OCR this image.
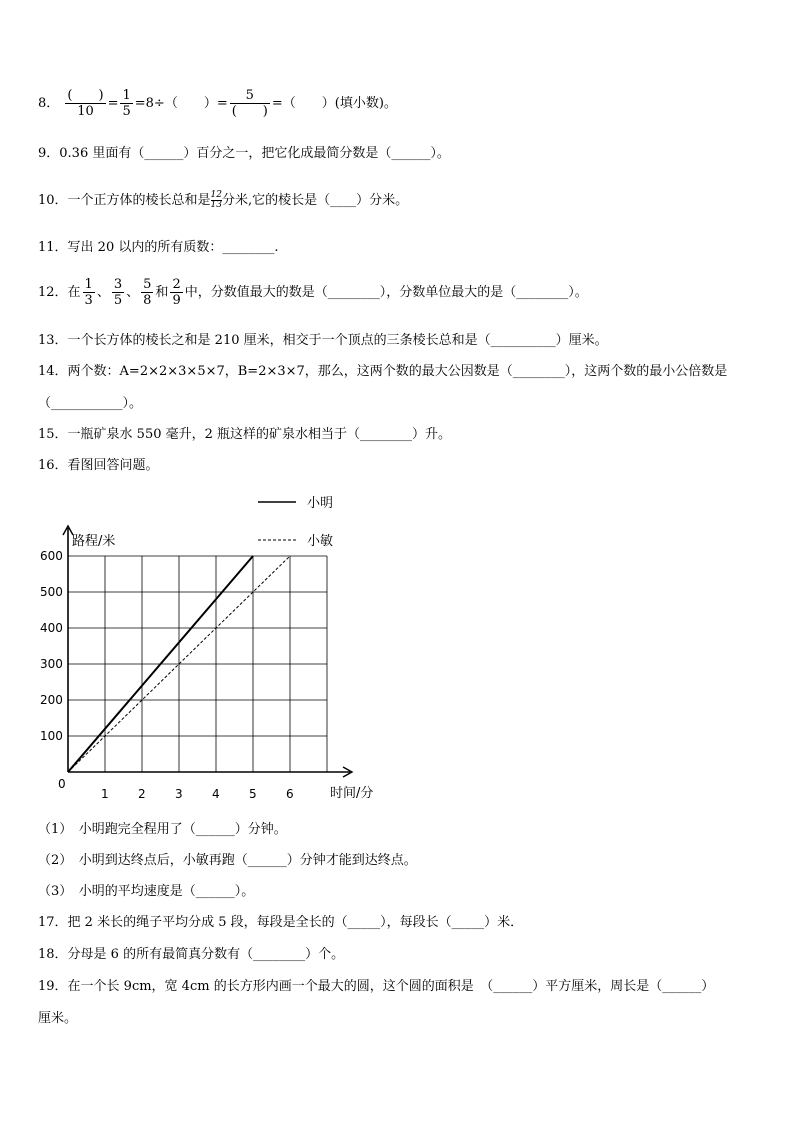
8． $\frac{( )}{10} = \frac{1}{5} =8\div$（　　）= $\frac{5}{( )}$ =（　　）(填小数)。
9．0.36 里面有（______）百分之一，把它化成最简分数是（______）。
10．一个正方体的棱长总和是 $\frac{12}{13}$ 分米,它的棱长是（____）分米。
11．写出 20 以内的所有质数：________.
12．在 $\frac{1}{3}$ 、 $\frac{3}{5}$ 、 $\frac{5}{8}$ 和 $\frac{2}{9}$ 中，分数值最大的数是（________），分数单位最大的是（________）。
13．一个长方体的棱长之和是 210 厘米，相交于一个顶点的三条棱长总和是（__________）厘米。
14．两个数：A=2×2×3×5×7，B=2×3×7，那么，这两个数的最大公因数是（________），这两个数的最小公倍数是
（___________）。
15．一瓶矿泉水 550 毫升，2 瓶这样的矿泉水相当于（________）升。
16．看图回答问题。
路程/米
时间/分
0
1 2 3 4 5 6
100
200
300
400
500
600
小明
小敏
（1）　小明跑完全程用了（______）分钟。
（2）　小明到达终点后，小敏再跑（______）分钟才能到达终点。
（3）　小明的平均速度是（______）。
17．把 2 米长的绳子平均分成 5 段，每段是全长的（_____），每段长（_____）米．
18．分母是 6 的所有最简真分数有（________）个。
19．在一个长 9cm，宽 4cm 的长方形内画一个最大的圆，这个圆的面积是　（______）平方厘米，周长是（______）
厘米。
